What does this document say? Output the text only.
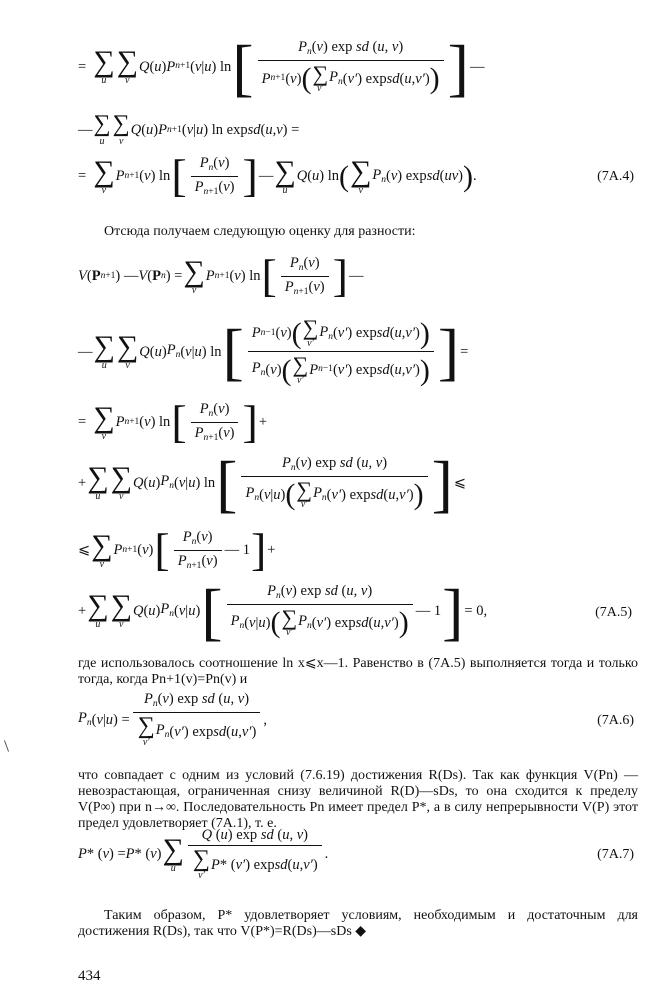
= ∑
u
∑
v
Q ( u ) P n+1 ( v | u ) ln [ $P_n(v)$ exp sd (u, v)
P n+1 ( v ) ( ∑
v′
$P_n$ ( v′ ) exp sd ( u , v′ ) ) ] —
— ∑
u
∑
v
Q ( u ) P n+1 ( v | u ) ln exp sd ( u , v ) =
= ∑
v
P n+1 ( v ) ln [ $\frac{P_n(v)}{P_{n+1}(v)}$ ] — ∑
u
Q ( u ) ln ( ∑
v
$P_n$ ( v ) exp sd ( uv ) ) .	(7A.4)
Отсюда получаем следующую оценку для разности:
V ( P n+1 ) — V ( P n ) = ∑
v
P n+1 ( v ) ln [ $\frac{P_n(v)}{P_{n+1}(v)}$ ] —
— ∑
u
∑
v
Q ( u ) $P_n$ ( v | u ) ln [ P n−1 ( v ) ( ∑
v′
$P_n$ ( v′ ) exp sd ( u , v′ ) )
$P_n$ ( v ) ( ∑
v′
P n−1 ( v′ ) exp sd ( u , v′ ) ) ] =
= ∑
v
P n+1 ( v ) ln [ $\frac{P_n(v)}{P_{n+1}(v)}$ ] +
+ ∑
u
∑
v
Q ( u ) $P_n$ ( v | u ) ln [ $P_n(v)$ exp sd (u, v)
$P_n$ ( v | u ) ( ∑
v′
$P_n$ ( v′ ) exp sd ( u , v′ ) ) ] ⩽
⩽ ∑
v
P n+1 ( v ) [ $\frac{P_n(v)}{P_{n+1}(v)}$ — 1 ] +
+ ∑
u
∑
v
Q ( u ) $P_n$ ( v | u ) [ $P_n(v)$ exp sd (u, v)
$P_n$ ( v | u ) ( ∑
v′
$P_n$ ( v′ ) exp sd ( u , v′ ) ) — 1 ] = 0,	(7A.5)
где использовалось соотношение ln x⩽x—1. Равенство в (7А.5) выполняется тогда и только тогда, когда Pn+1(v)=Pn(v) и
$P_n$ ( v | u ) = $P_n(v)$ exp sd (u, v)
∑
v′
$P_n$ ( v′ ) exp sd ( u , v′ ) ,	(7A.6)
что совпадает с одним из условий (7.6.19) достижения R(Ds). Так как функция V(Pn) — невозрастающая, ограниченная снизу величиной R(D)—sDs, то она сходится к пределу V(P∞) при n→∞. Последовательность Pn имеет предел P*, а в силу непрерывности V(P) этот предел удовлетворяет (7А.1), т. е.
P * ( v ) = P * ( v ) ∑
u Q (u) exp sd (u, v)
∑
v′
P * ( v′ ) exp sd ( u , v′ ) .	(7A.7)
Таким образом, P* удовлетворяет условиям, необходимым и достаточным для достижения R(Ds), так что V(P*)=R(Ds)—sDs ◆
434
